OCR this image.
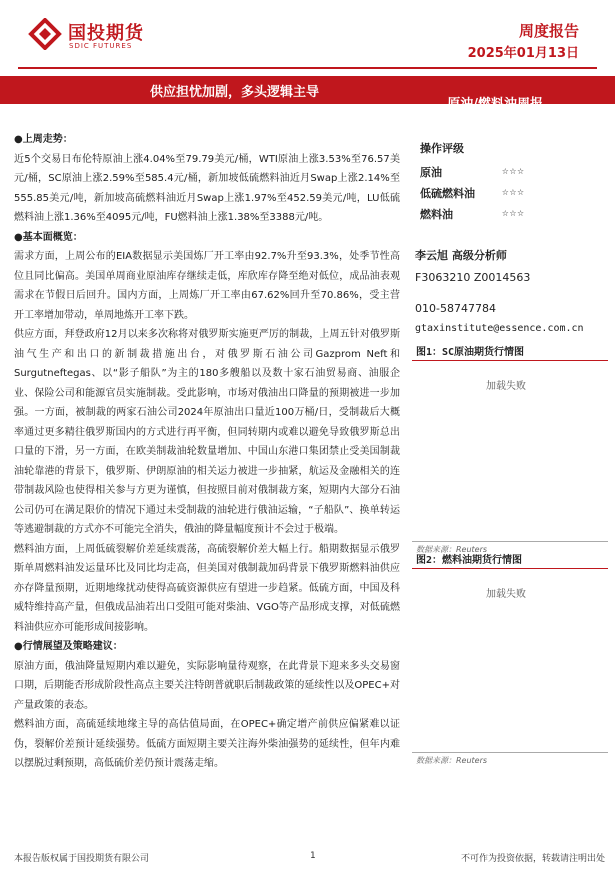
国投期货
SDIC FUTURES
周度报告
2025年01月13日
供应担忧加剧，多头逻辑主导
原油/燃料油周报

●上周走势：

近5个交易日布伦特原油上涨4.04%至79.79美元/桶，WTI原油上涨3.53%至76.57美元/桶，SC原油上涨2.59%至585.4元/桶，新加坡低硫燃料油近月Swap上涨2.14%至555.85美元/吨，新加坡高硫燃料油近月Swap上涨1.97%至452.59美元/吨，LU低硫燃料油上涨1.36%至4095元/吨，FU燃料油上涨1.38%至3388元/吨。

●基本面概览：

需求方面，上周公布的EIA数据显示美国炼厂开工率由92.7%升至93.3%，处季节性高位且同比偏高。美国单周商业原油库存继续走低，库欣库存降至绝对低位，成品油表观需求在节假日后回升。国内方面，上周炼厂开工率由67.62%回升至70.86%，受主营开工率增加带动，单周地炼开工率下跌。

供应方面，拜登政府12月以来多次称将对俄罗斯实施更严厉的制裁，上周五针对俄罗斯油气生产和出口的新制裁措施出台，对俄罗斯石油公司Gazprom Neft和Surgutneftegas、以“影子船队”为主的180多艘船以及数十家石油贸易商、油服企业、保险公司和能源官员实施制裁。受此影响，市场对俄油出口降量的预期被进一步加强。一方面，被制裁的两家石油公司2024年原油出口量近100万桶/日，受制裁后大概率通过更多精往俄罗斯国内的方式进行再平衡，但同转期内或难以避免导致俄罗斯总出口量的下滑，另一方面，在欧美制裁油轮数量增加、中国山东港口集团禁止受美国制裁油轮靠港的背景下，俄罗斯、伊朗原油的相关运力被进一步抽紧，航运及金融相关的连带制裁风险也使得相关参与方更为谨慎，但按照目前对俄制裁方案，短期内大部分石油公司仍可在满足限价的情况下通过未受制裁的油轮进行俄油运输，“子船队”、换单转运等逃避制裁的方式亦不可能完全消失，俄油的降量幅度预计不会过于极端。

燃料油方面，上周低硫裂解价差延续震荡，高硫裂解价差大幅上行。船期数据显示俄罗斯单周燃料油发运量环比及同比均走高，但美国对俄制裁加码背景下俄罗斯燃料油供应亦存降量预期，近期地缘扰动使得高硫资源供应有望进一步趋紧。低硫方面，中国及科威特维持高产量，但俄成品油若出口受阻可能对柴油、VGO等产品形成支撑，对低硫燃料油供应亦可能形成间接影响。

●行情展望及策略建议：

原油方面，俄油降量短期内难以避免，实际影响量待观察，在此背景下迎来多头交易窗口期，后期能否形成阶段性高点主要关注特朗普就职后制裁政策的延续性以及OPEC+对产量政策的表态。

燃料油方面，高硫延续地缘主导的高估值局面，在OPEC+确定增产前供应偏紧难以证伪，裂解价差预计延续强势。低硫方面短期主要关注海外柴油强势的延续性，但年内难以摆脱过剩预期，高低硫价差仍预计震荡走缩。

操作评级
原油	☆☆☆
低硫燃料油	☆☆☆
燃料油	☆☆☆
李云旭 高级分析师
F3063210 Z0014563
010-58747784
gtaxinstitute@essence.com.cn
图1：SC原油期货行情图
加载失败
数据来源：Reuters
图2：燃料油期货行情图
加载失败
数据来源：Reuters
本报告版权属于国投期货有限公司	1	不可作为投资依据，转载请注明出处
